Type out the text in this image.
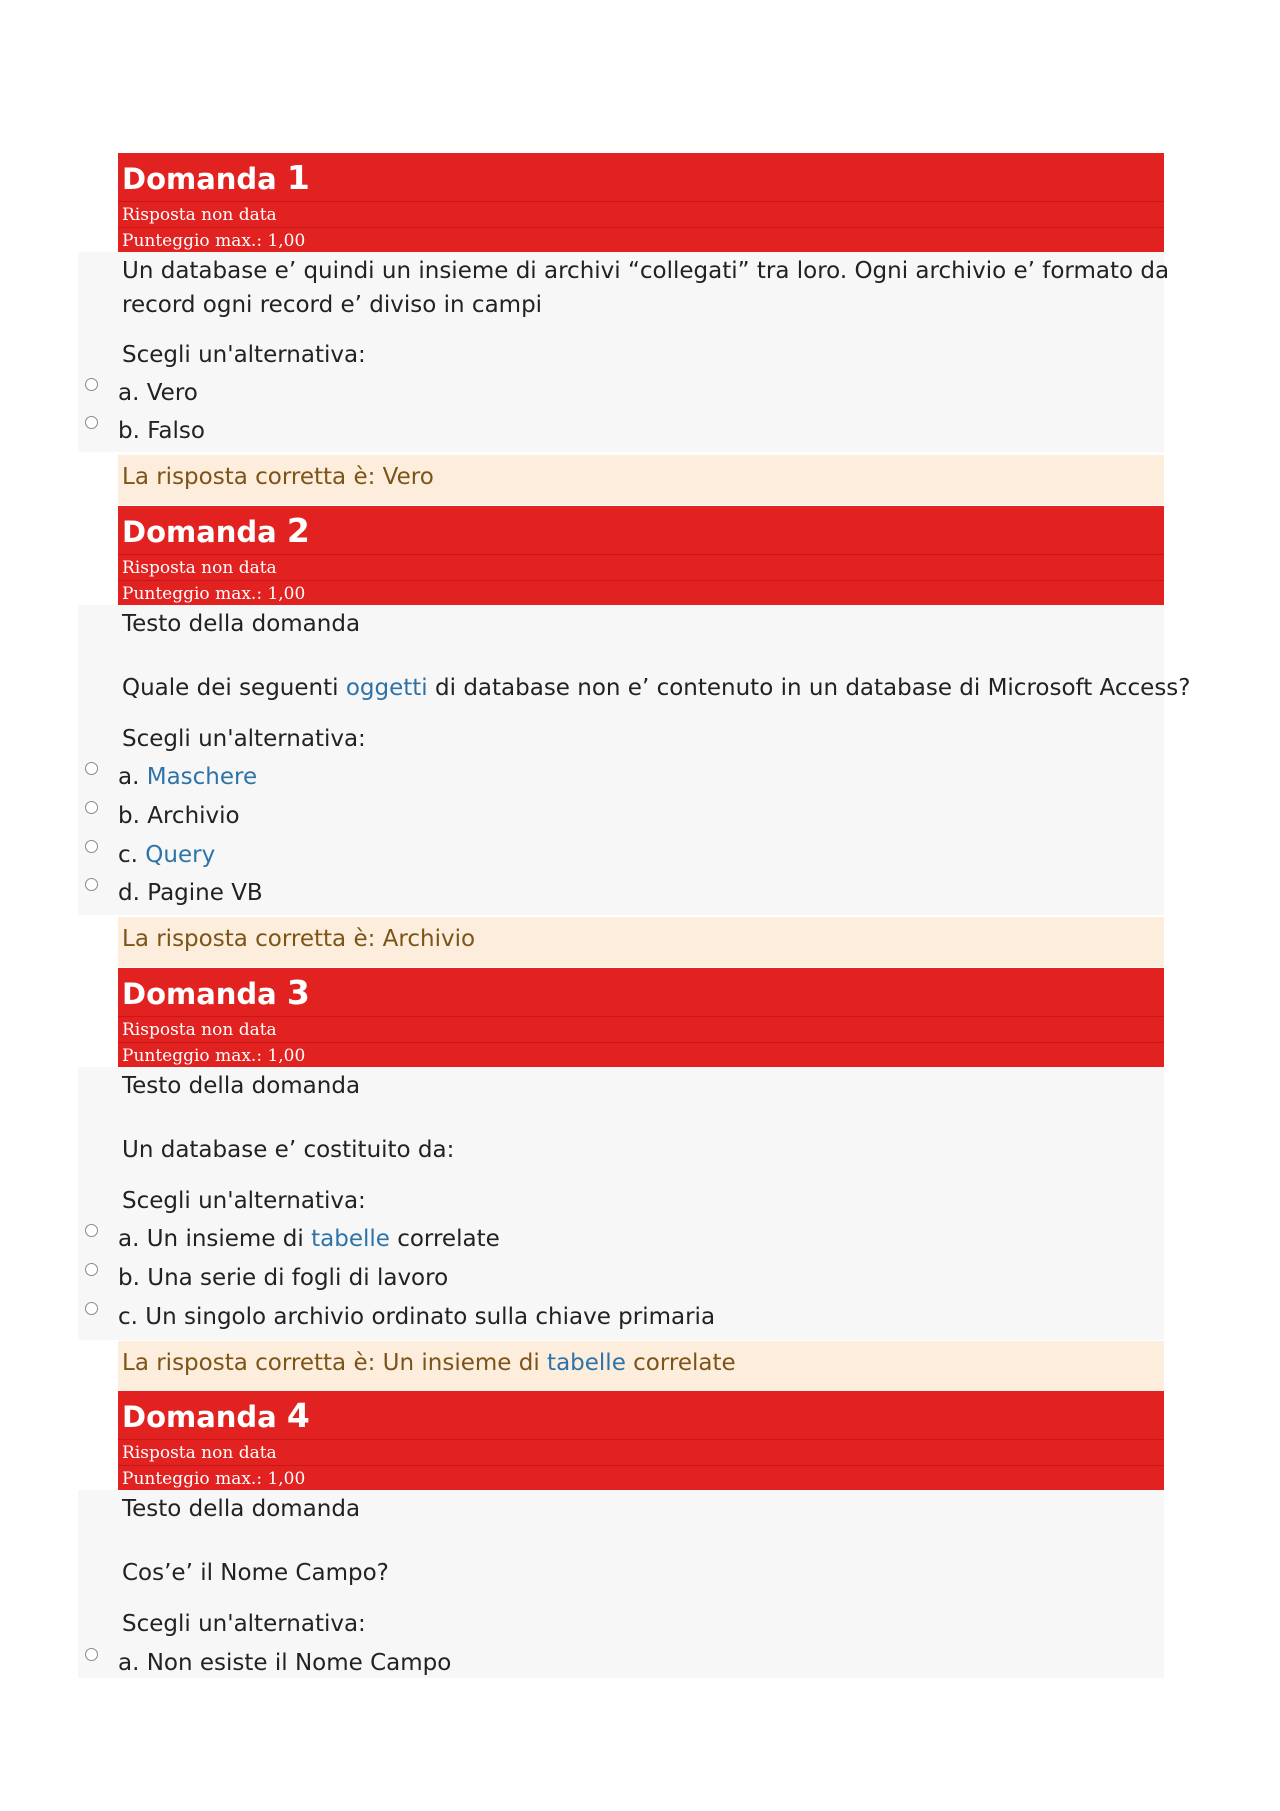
Domanda 1
Risposta non data
Punteggio max.: 1,00
Un database e’ quindi un insieme di archivi “collegati” tra loro. Ogni archivio e’ formato da
record ogni record e’ diviso in campi
Scegli un'alternativa:
a. Vero
b. Falso
La risposta corretta è: Vero
Domanda 2
Risposta non data
Punteggio max.: 1,00
Testo della domanda
Quale dei seguenti oggetti di database non e’ contenuto in un database di Microsoft Access?
Scegli un'alternativa:
a. Maschere
b. Archivio
c. Query
d. Pagine VB
La risposta corretta è: Archivio
Domanda 3
Risposta non data
Punteggio max.: 1,00
Testo della domanda
Un database e’ costituito da:
Scegli un'alternativa:
a. Un insieme di tabelle correlate
b. Una serie di fogli di lavoro
c. Un singolo archivio ordinato sulla chiave primaria
La risposta corretta è: Un insieme di tabelle correlate
Domanda 4
Risposta non data
Punteggio max.: 1,00
Testo della domanda
Cos’e’ il Nome Campo?
Scegli un'alternativa:
a. Non esiste il Nome Campo
